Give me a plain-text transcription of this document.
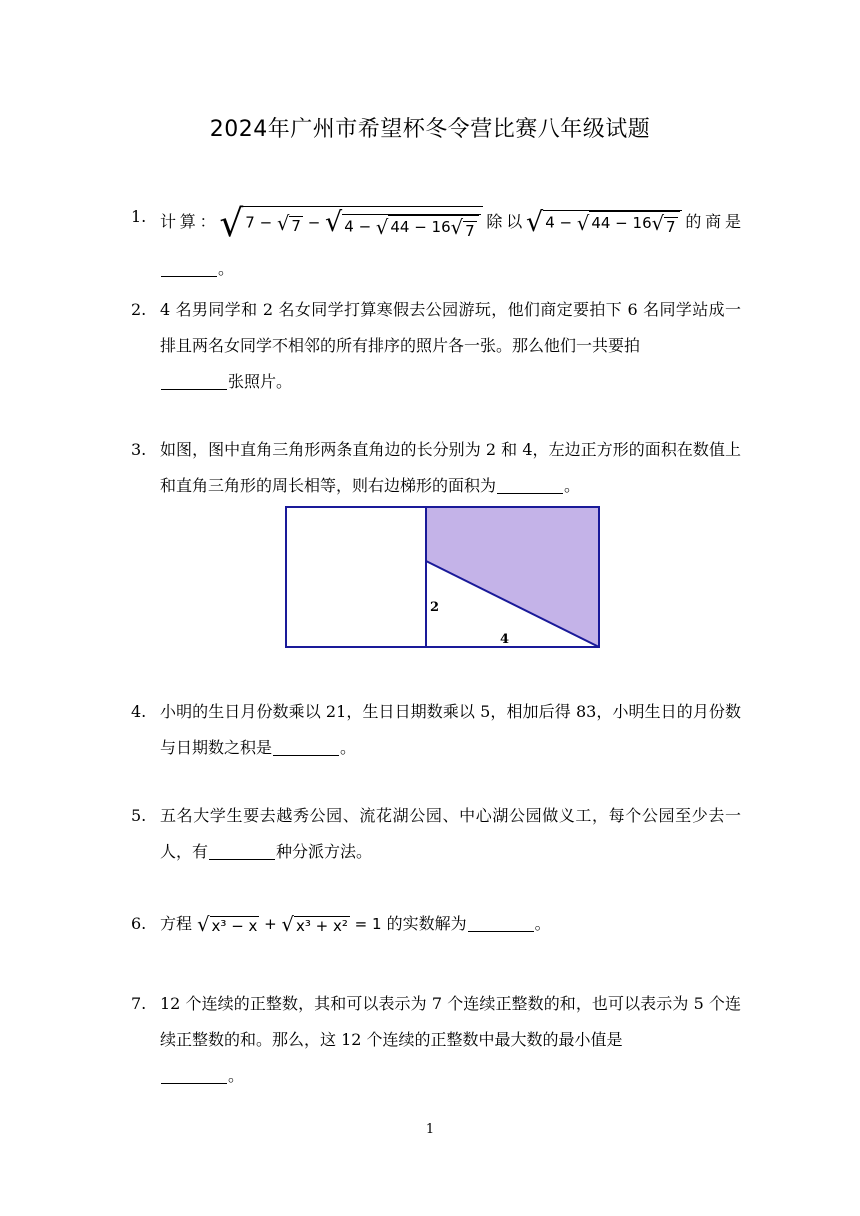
2024年广州市希望杯冬令营比赛八年级试题
1. 计算：√ 7 − √ 7 − √ 4 − √ 44 − 16√ 7 除以√ 4 − √ 44 − 16√ 7 的商是。
2. 4 名男同学和 2 名女同学打算寒假去公园游玩，他们商定要拍下 6 名同学站成一排且两名女同学不相邻的所有排序的照片各一张。那么他们一共要拍
张照片。
3. 如图，图中直角三角形两条直角边的长分别为 2 和 4，左边正方形的面积在数值上和直角三角形的周长相等，则右边梯形的面积为	。
2
4
4. 小明的生日月份数乘以 21，生日日期数乘以 5，相加后得 83，小明生日的月份数与日期数之积是	。
5. 五名大学生要去越秀公园、流花湖公园、中心湖公园做义工，每个公园至少去一人，有	种分派方法。
6. 方程 √ x³ − x + √ x³ + x² = 1 的实数解为	。
7. 12 个连续的正整数，其和可以表示为 7 个连续正整数的和，也可以表示为 5 个连续正整数的和。那么，这 12 个连续的正整数中最大数的最小值是
。
1
